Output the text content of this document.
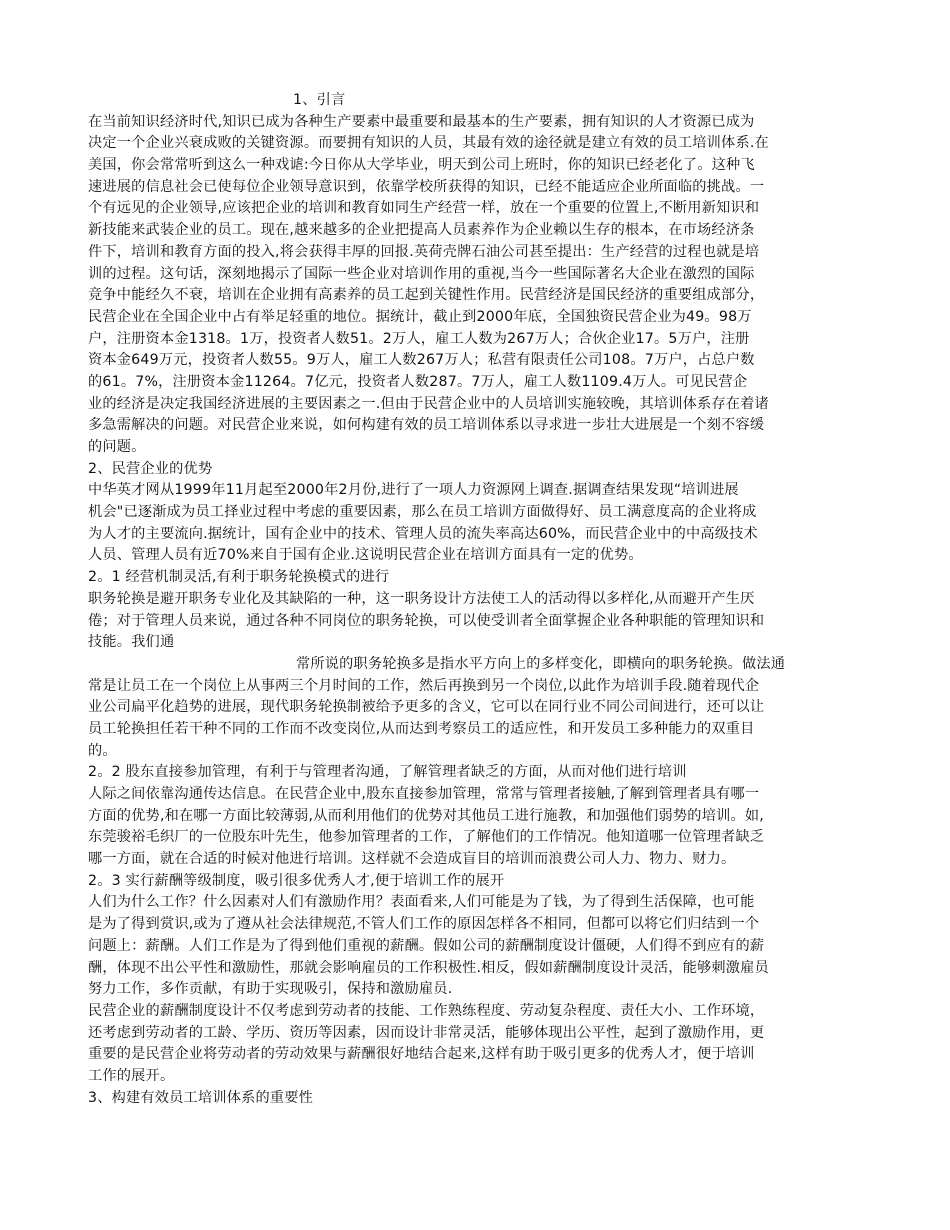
1、引言
在当前知识经济时代,知识已成为各种生产要素中最重要和最基本的生产要素，拥有知识的人才资源已成为
决定一个企业兴衰成败的关键资源。而要拥有知识的人员，其最有效的途径就是建立有效的员工培训体系.在
美国，你会常常听到这么一种戏谑:今日你从大学毕业，明天到公司上班时，你的知识已经老化了。这种飞
速进展的信息社会已使每位企业领导意识到，依靠学校所获得的知识，已经不能适应企业所面临的挑战。一
个有远见的企业领导,应该把企业的培训和教育如同生产经营一样，放在一个重要的位置上,不断用新知识和
新技能来武装企业的员工。现在,越来越多的企业把提高人员素养作为企业赖以生存的根本，在市场经济条
件下，培训和教育方面的投入,将会获得丰厚的回报.英荷壳牌石油公司甚至提出：生产经营的过程也就是培
训的过程。这句话，深刻地揭示了国际一些企业对培训作用的重视,当今一些国际著名大企业在激烈的国际
竞争中能经久不衰，培训在企业拥有高素养的员工起到关键性作用。民营经济是国民经济的重要组成部分，
民营企业在全国企业中占有举足轻重的地位。据统计，截止到2000年底，全国独资民营企业为49。98万
户，注册资本金1318。1万，投资者人数51。2万人，雇工人数为267万人；合伙企业17。5万户，注册
资本金649万元，投资者人数55。9万人，雇工人数267万人；私营有限责任公司108。7万户，占总户数
的61。7%，注册资本金11264。7亿元，投资者人数287。7万人，雇工人数1109.4万人。可见民营企
业的经济是决定我国经济进展的主要因素之一.但由于民营企业中的人员培训实施较晚，其培训体系存在着诸
多急需解决的问题。对民营企业来说，如何构建有效的员工培训体系以寻求进一步壮大进展是一个刻不容缓
的问题。
2、民营企业的优势
中华英才网从1999年11月起至2000年2月份,进行了一项人力资源网上调查.据调查结果发现“培训进展
机会"已逐渐成为员工择业过程中考虑的重要因素，那么在员工培训方面做得好、员工满意度高的企业将成
为人才的主要流向.据统计，国有企业中的技术、管理人员的流失率高达60%，而民营企业中的中高级技术
人员、管理人员有近70%来自于国有企业.这说明民营企业在培训方面具有一定的优势。
2。1 经营机制灵活,有利于职务轮换模式的进行
职务轮换是避开职务专业化及其缺陷的一种，这一职务设计方法使工人的活动得以多样化,从而避开产生厌
倦；对于管理人员来说，通过各种不同岗位的职务轮换，可以使受训者全面掌握企业各种职能的管理知识和
技能。我们通
常所说的职务轮换多是指水平方向上的多样变化，即横向的职务轮换。做法通
常是让员工在一个岗位上从事两三个月时间的工作，然后再换到另一个岗位,以此作为培训手段.随着现代企
业公司扁平化趋势的进展，现代职务轮换制被给予更多的含义，它可以在同行业不同公司间进行，还可以让
员工轮换担任若干种不同的工作而不改变岗位,从而达到考察员工的适应性，和开发员工多种能力的双重目
的。
2。2 股东直接参加管理，有利于与管理者沟通，了解管理者缺乏的方面，从而对他们进行培训
人际之间依靠沟通传达信息。在民营企业中,股东直接参加管理，常常与管理者接触,了解到管理者具有哪一
方面的优势,和在哪一方面比较薄弱,从而利用他们的优势对其他员工进行施教，和加强他们弱势的培训。如,
东莞骏裕毛织厂的一位股东叶先生，他参加管理者的工作，了解他们的工作情况。他知道哪一位管理者缺乏
哪一方面，就在合适的时候对他进行培训。这样就不会造成盲目的培训而浪费公司人力、物力、财力。
2。3 实行薪酬等级制度，吸引很多优秀人才,便于培训工作的展开
人们为什么工作？什么因素对人们有激励作用？表面看来,人们可能是为了钱，为了得到生活保障，也可能
是为了得到赏识,或为了遵从社会法律规范,不管人们工作的原因怎样各不相同，但都可以将它们归结到一个
问题上：薪酬。人们工作是为了得到他们重视的薪酬。假如公司的薪酬制度设计僵硬，人们得不到应有的薪
酬，体现不出公平性和激励性，那就会影响雇员的工作积极性.相反，假如薪酬制度设计灵活，能够刺激雇员
努力工作，多作贡献，有助于实现吸引，保持和激励雇员.
民营企业的薪酬制度设计不仅考虑到劳动者的技能、工作熟练程度、劳动复杂程度、责任大小、工作环境，
还考虑到劳动者的工龄、学历、资历等因素，因而设计非常灵活，能够体现出公平性，起到了激励作用，更
重要的是民营企业将劳动者的劳动效果与薪酬很好地结合起来,这样有助于吸引更多的优秀人才，便于培训
工作的展开。
3、构建有效员工培训体系的重要性
